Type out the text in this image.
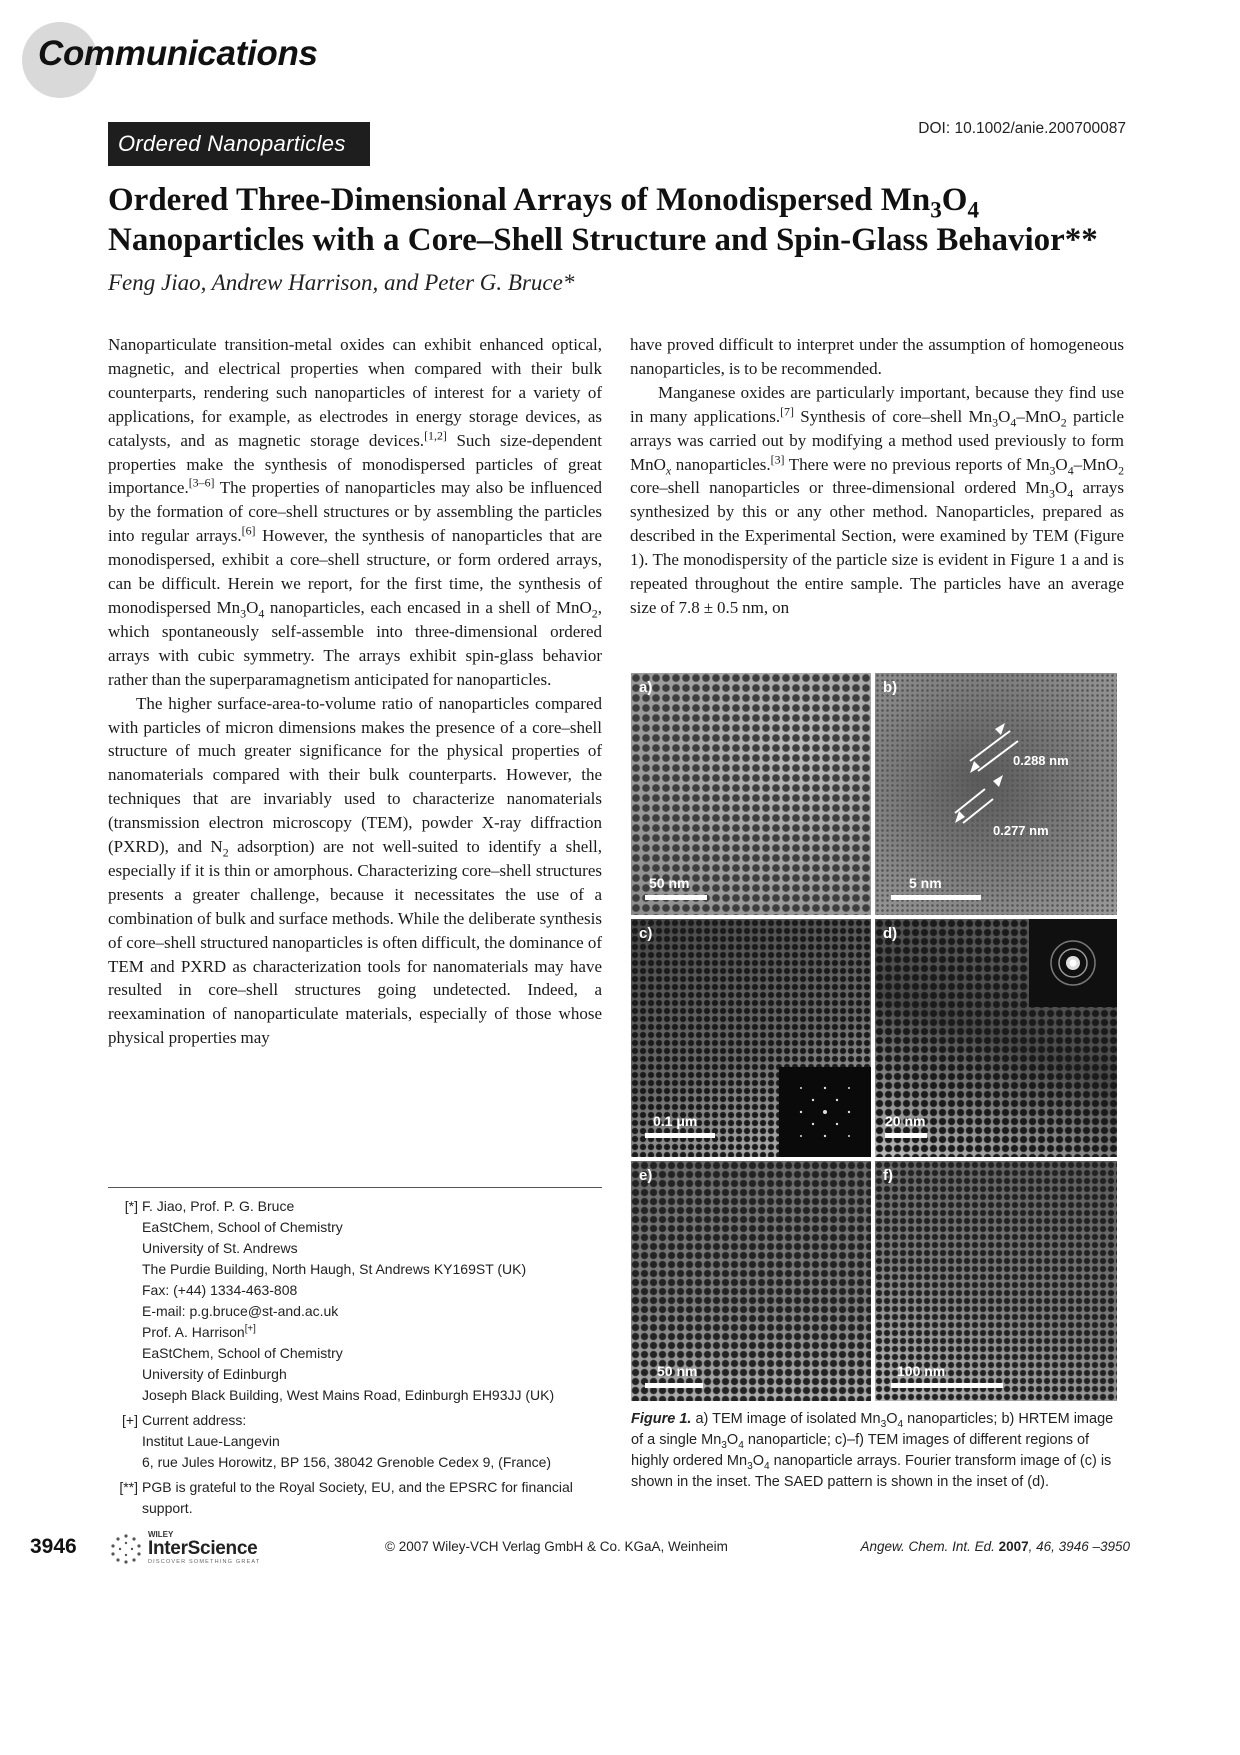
Communications
Ordered Nanoparticles
DOI: 10.1002/anie.200700087
Ordered Three-Dimensional Arrays of Monodispersed $Mn_3O_4$
Nanoparticles with a Core–Shell Structure and Spin-Glass Behavior**
Feng Jiao, Andrew Harrison, and Peter G. Bruce*

Nanoparticulate transition-metal oxides can exhibit enhanced optical, magnetic, and electrical properties when compared with their bulk counterparts, rendering such nanoparticles of interest for a variety of applications, for example, as electrodes in energy storage devices, as catalysts, and as magnetic storage devices.[1,2] Such size-dependent properties make the synthesis of monodispersed particles of great importance.[3–6] The properties of nanoparticles may also be influenced by the formation of core–shell structures or by assembling the particles into regular arrays.[6] However, the synthesis of nanoparticles that are monodispersed, exhibit a core–shell structure, or form ordered arrays, can be difficult. Herein we report, for the first time, the synthesis of monodispersed $Mn_3O_4$ nanoparticles, each encased in a shell of MnO$_2$, which spontaneously self-assemble into three-dimensional ordered arrays with cubic symmetry. The arrays exhibit spin-glass behavior rather than the superparamagnetism anticipated for nanoparticles.

The higher surface-area-to-volume ratio of nanoparticles compared with particles of micron dimensions makes the presence of a core–shell structure of much greater significance for the physical properties of nanomaterials compared with their bulk counterparts. However, the techniques that are invariably used to characterize nanomaterials (transmission electron microscopy (TEM), powder X-ray diffraction (PXRD), and $N_2$ adsorption) are not well-suited to identify a shell, especially if it is thin or amorphous. Characterizing core–shell structures presents a greater challenge, because it necessitates the use of a combination of bulk and surface methods. While the deliberate synthesis of core–shell structured nanoparticles is often difficult, the dominance of TEM and PXRD as characterization tools for nanomaterials may have resulted in core–shell structures going undetected. Indeed, a reexamination of nanoparticulate materials, especially of those whose physical properties may

have proved difficult to interpret under the assumption of homogeneous nanoparticles, is to be recommended.

Manganese oxides are particularly important, because they find use in many applications.[7] Synthesis of core–shell $Mn_3O_4-MnO_2$ particle arrays was carried out by modifying a method used previously to form MnO$_x$ nanoparticles.[3] There were no previous reports of $Mn_3O_4-MnO_2$ core–shell nanoparticles or three-dimensional ordered $Mn_3O_4$ arrays synthesized by this or any other method. Nanoparticles, prepared as described in the Experimental Section, were examined by TEM (Figure 1). The monodispersity of the particle size is evident in Figure 1 a and is repeated throughout the entire sample. The particles have an average size of 7.8 ± 0.5 nm, on

[*] F. Jiao, Prof. P. G. Bruce
EaStChem, School of Chemistry
University of St. Andrews
The Purdie Building, North Haugh, St Andrews KY169ST (UK)
Fax: (+44) 1334-463-808
E-mail: p.g.bruce@st-and.ac.uk
Prof. A. Harrison[+]
EaStChem, School of Chemistry
University of Edinburgh
Joseph Black Building, West Mains Road, Edinburgh EH93JJ (UK)
[+] Current address:
Institut Laue-Langevin
6, rue Jules Horowitz, BP 156, 38042 Grenoble Cedex 9, (France)
[**] PGB is grateful to the Royal Society, EU, and the EPSRC for financial support.
a)
50 nm
b)
0.288 nm
0.277 nm
5 nm
c)
0.1 μm
d)
20 nm
e)
50 nm
f)
100 nm
Figure 1. a) TEM image of isolated $Mn_3O_4$ nanoparticles; b) HRTEM image of a single $Mn_3O_4$ nanoparticle; c)–f) TEM images of different regions of highly ordered $Mn_3O_4$ nanoparticle arrays. Fourier transform image of (c) is shown in the inset. The SAED pattern is shown in the inset of (d).
3946
WILEY
InterScience
DISCOVER SOMETHING GREAT
© 2007 Wiley-VCH Verlag GmbH & Co. KGaA, Weinheim	Angew. Chem. Int. Ed. 2007, 46, 3946 –3950
